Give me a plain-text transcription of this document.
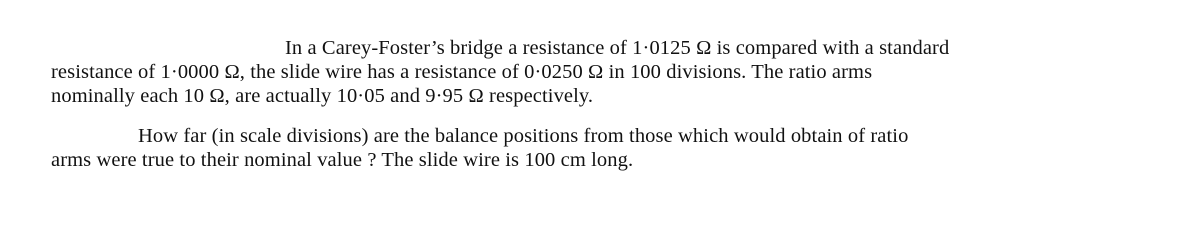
In a Carey-Foster’s bridge a resistance of 1·0125 Ω is compared with a standard
resistance of 1·0000 Ω, the slide wire has a resistance of 0·0250 Ω in 100 divisions. The ratio arms
nominally each 10 Ω, are actually 10·05 and 9·95 Ω respectively.
How far (in scale divisions) are the balance positions from those which would obtain of ratio
arms were true to their nominal value ? The slide wire is 100 cm long.
